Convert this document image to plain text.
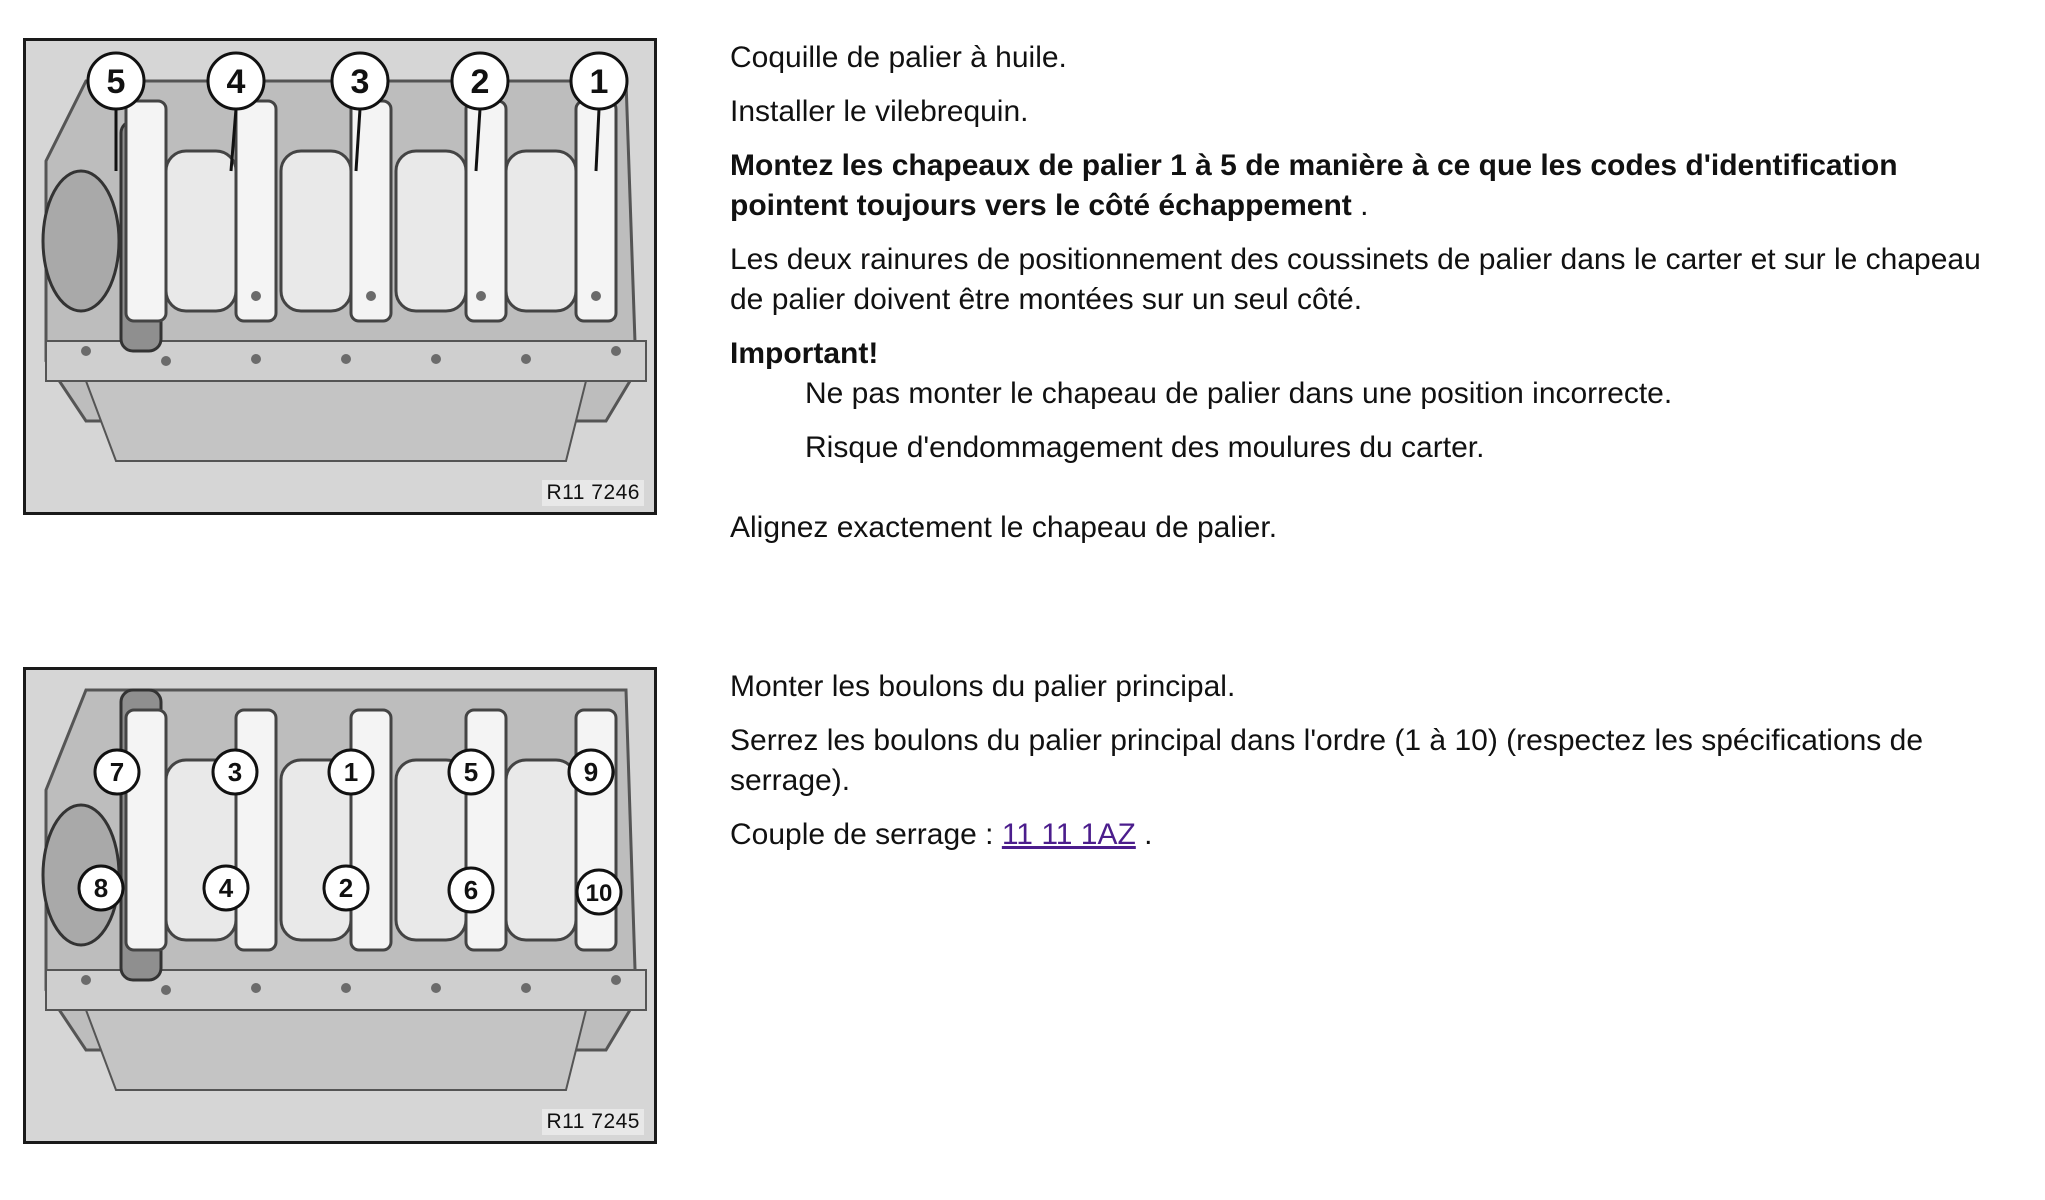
5	4	3	2	1
R11 7246

Coquille de palier à huile.

Installer le vilebrequin.

Montez les chapeaux de palier 1 à 5 de manière à ce que les codes d'identification pointent toujours vers le côté échappement .

Les deux rainures de positionnement des coussinets de palier dans le carter et sur le chapeau de palier doivent être montées sur un seul côté.

Important!

Ne pas monter le chapeau de palier dans une position incorrecte.

Risque d'endommagement des moulures du carter.

Alignez exactement le chapeau de palier.

7	3	1	5	9
8	4	2	6	10
R11 7245

Monter les boulons du palier principal.

Serrez les boulons du palier principal dans l'ordre (1 à 10) (respectez les spécifications de serrage).

Couple de serrage : 11 11 1AZ .
